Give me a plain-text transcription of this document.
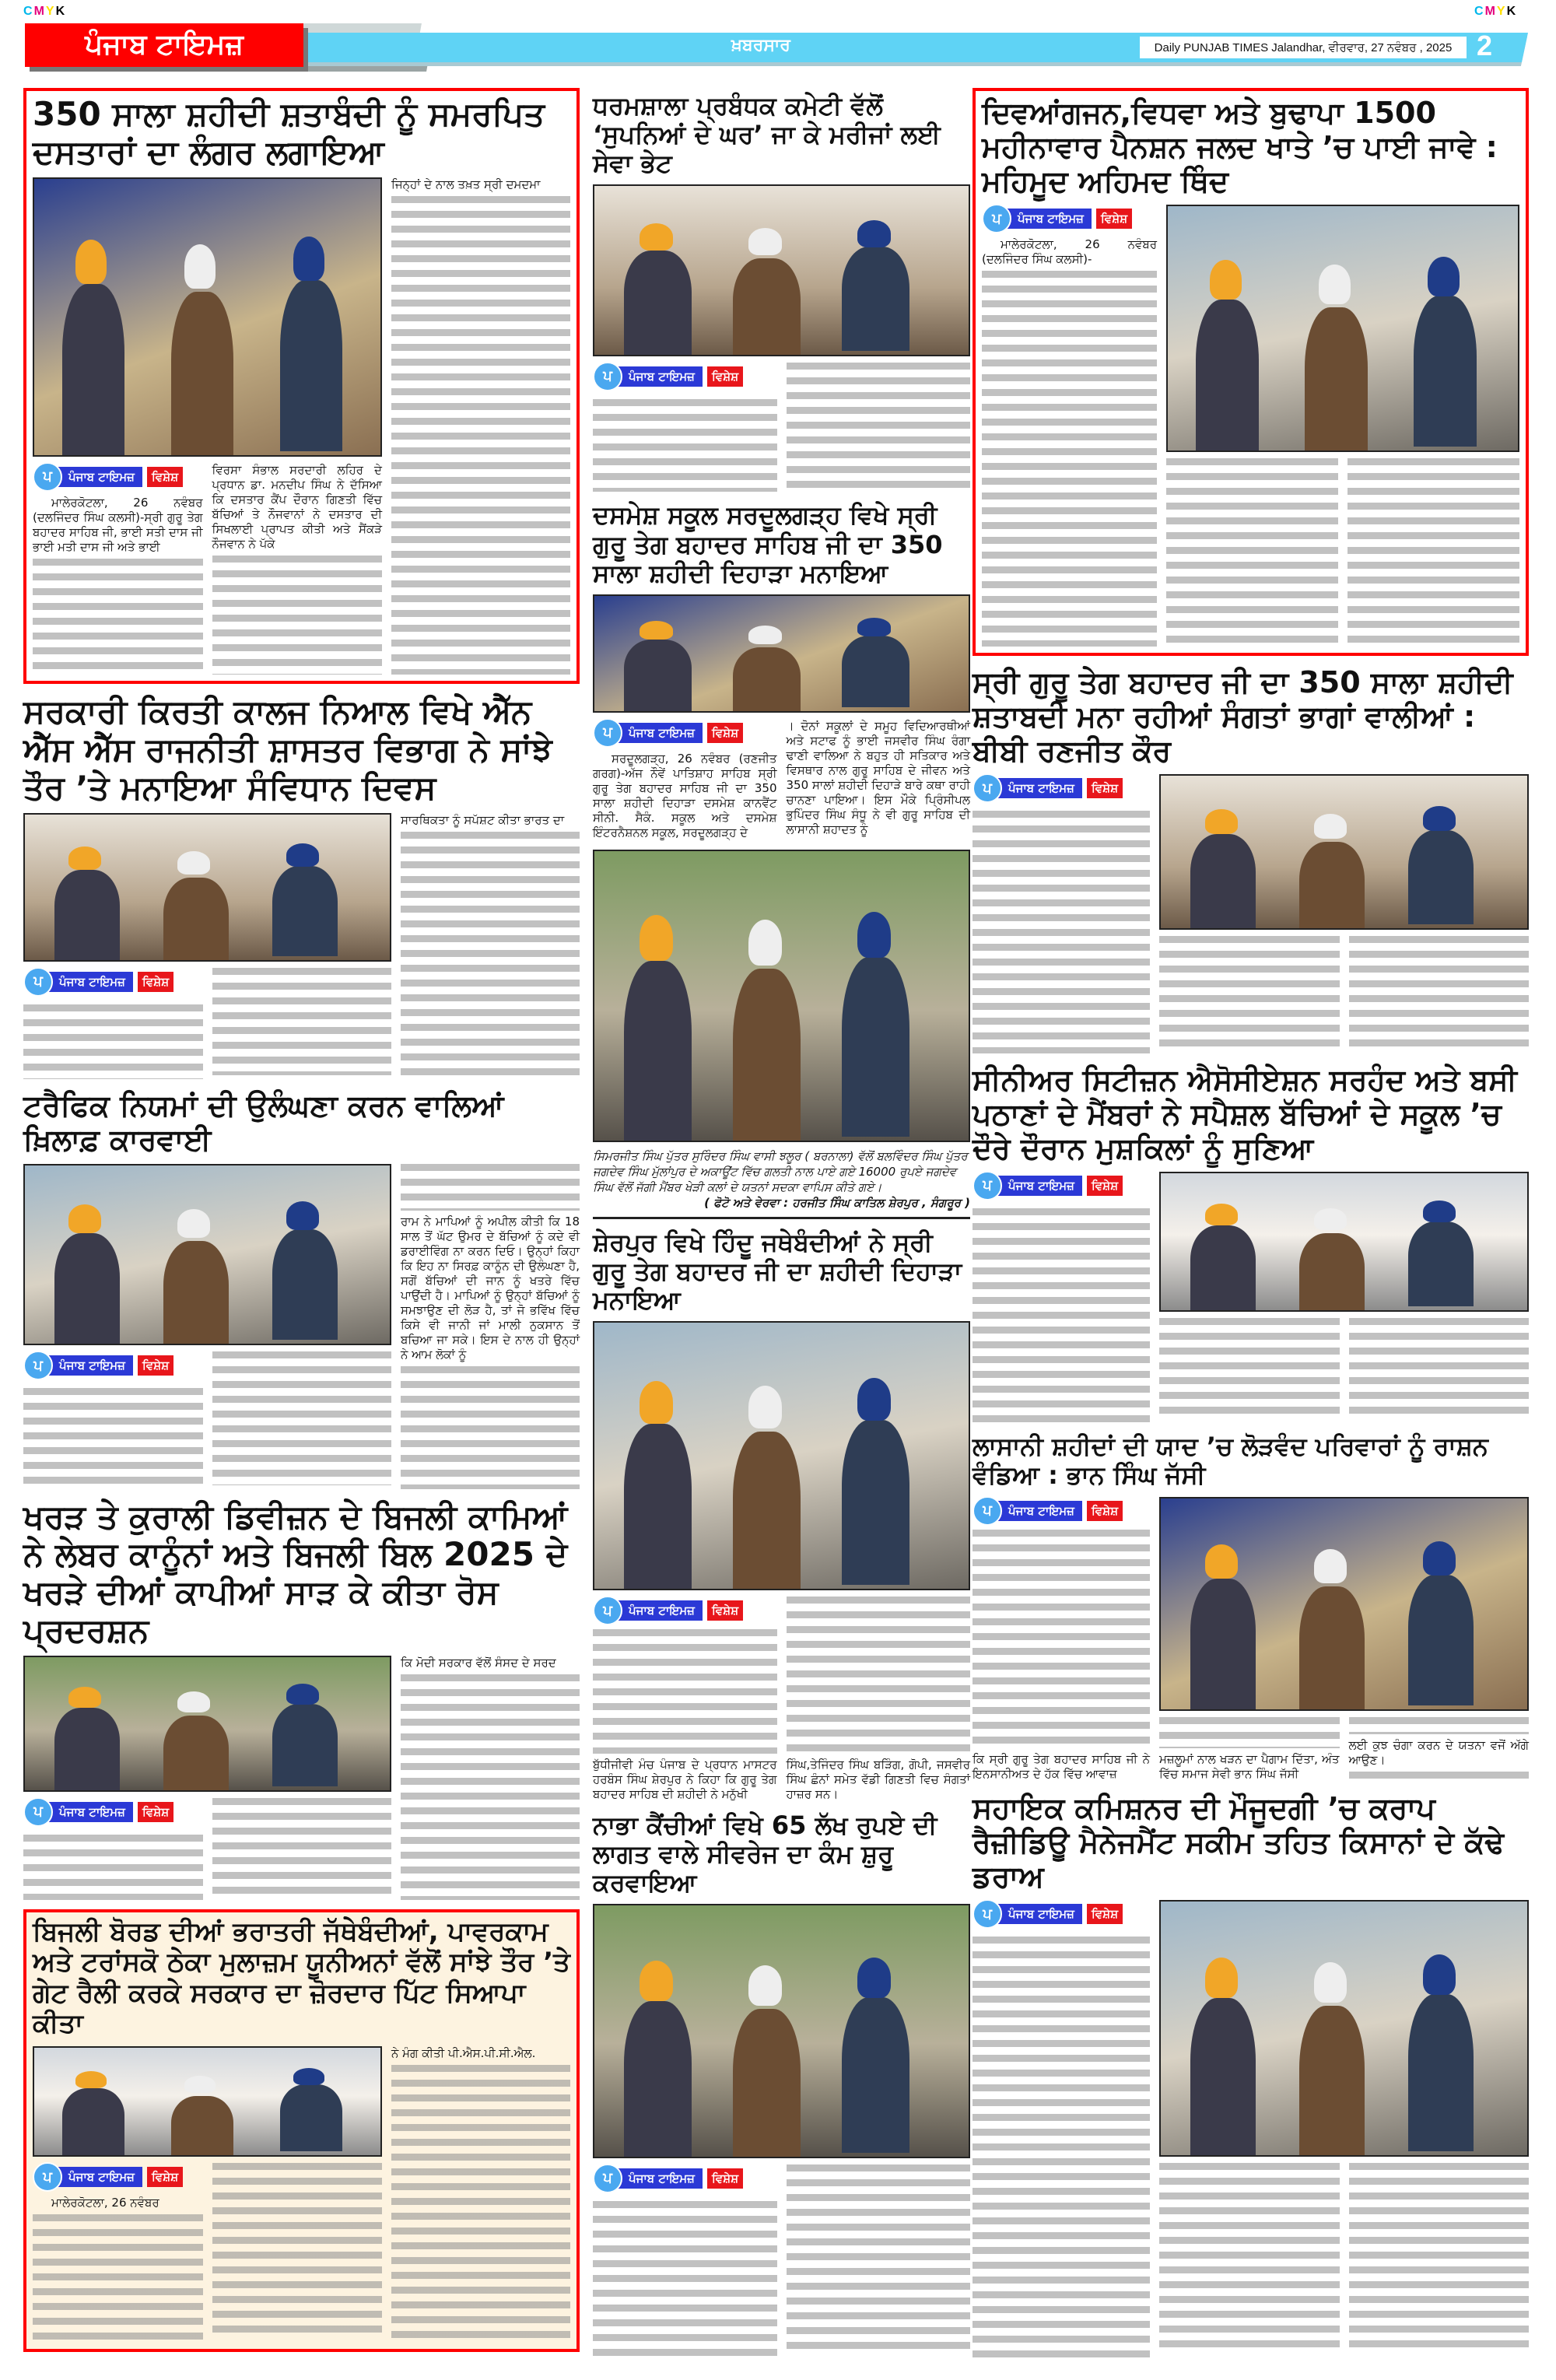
CMYK	CMYK
ਪੰਜਾਬ ਟਾਇਮਜ਼	ਖ਼ਬਰਸਾਰ	Daily PUNJAB TIMES Jalandhar, ਵੀਰਵਾਰ, 27 ਨਵੰਬਰ , 2025 2
350 ਸਾਲਾ ਸ਼ਹੀਦੀ ਸ਼ਤਾਬੰਦੀ ਨੂੰ ਸਮਰਪਿਤ ਦਸਤਾਰਾਂ ਦਾ ਲੰਗਰ ਲਗਾਇਆ
ਪ	ਪੰਜਾਬ ਟਾਇਮਜ਼	ਵਿਸ਼ੇਸ਼

ਮਾਲੇਰਕੋਟਲਾ, 26 ਨਵੰਬਰ (ਦਲਜਿੰਦਰ ਸਿੰਘ ਕਲਸੀ)-ਸ੍ਰੀ ਗੁਰੂ ਤੇਗ ਬਹਾਦਰ ਸਾਹਿਬ ਜੀ, ਭਾਈ ਸਤੀ ਦਾਸ ਜੀ ਭਾਈ ਮਤੀ ਦਾਸ ਜੀ ਅਤੇ ਭਾਈ

ਵਿਰਸਾ ਸੰਭਾਲ ਸਰਦਾਰੀ ਲਹਿਰ ਦੇ ਪ੍ਰਧਾਨ ਡਾ. ਮਨਦੀਪ ਸਿੰਘ ਨੇ ਦੱਸਿਆ ਕਿ ਦਸਤਾਰ ਕੈਂਪ ਦੌਰਾਨ ਗਿਣਤੀ ਵਿੱਚ ਬੱਚਿਆਂ ਤੇ ਨੌਜਵਾਨਾਂ ਨੇ ਦਸਤਾਰ ਦੀ ਸਿਖਲਾਈ ਪ੍ਰਾਪਤ ਕੀਤੀ ਅਤੇ ਸੈਂਕੜੇ ਨੌਜਵਾਨ ਨੇ ਪੱਕੇ

ਜਿਨ੍ਹਾਂ ਦੇ ਨਾਲ ਤਖ਼ਤ ਸ੍ਰੀ ਦਮਦਮਾ

ਸਰਕਾਰੀ ਕਿਰਤੀ ਕਾਲਜ ਨਿਆਲ ਵਿਖੇ ਐੱਨ ਐੱਸ ਐੱਸ ਰਾਜਨੀਤੀ ਸ਼ਾਸਤਰ ਵਿਭਾਗ ਨੇ ਸਾਂਝੇ ਤੌਰ ’ਤੇ ਮਨਾਇਆ ਸੰਵਿਧਾਨ ਦਿਵਸ
ਪ	ਪੰਜਾਬ ਟਾਇਮਜ਼	ਵਿਸ਼ੇਸ਼

ਸਾਰਥਿਕਤਾ ਨੂੰ ਸਪੱਸ਼ਟ ਕੀਤਾ ਭਾਰਤ ਦਾ

ਟਰੈਫਿਕ ਨਿਯਮਾਂ ਦੀ ਉਲੰਘਣਾ ਕਰਨ ਵਾਲਿਆਂ ਖ਼ਿਲਾਫ਼ ਕਾਰਵਾਈ
ਪ	ਪੰਜਾਬ ਟਾਇਮਜ਼	ਵਿਸ਼ੇਸ਼

ਰਾਮ ਨੇ ਮਾਪਿਆਂ ਨੂੰ ਅਪੀਲ ਕੀਤੀ ਕਿ 18 ਸਾਲ ਤੋਂ ਘੱਟ ਉਮਰ ਦੇ ਬੱਚਿਆਂ ਨੂੰ ਕਦੇ ਵੀ ਡਰਾਈਵਿੰਗ ਨਾ ਕਰਨ ਦਿਓ। ਉਨ੍ਹਾਂ ਕਿਹਾ ਕਿ ਇਹ ਨਾ ਸਿਰਫ਼ ਕਾਨੂੰਨ ਦੀ ਉਲੰਘਣਾ ਹੈ, ਸਗੋਂ ਬੱਚਿਆਂ ਦੀ ਜਾਨ ਨੂੰ ਖਤਰੇ ਵਿੱਚ ਪਾਉਂਦੀ ਹੈ। ਮਾਪਿਆਂ ਨੂੰ ਉਨ੍ਹਾਂ ਬੱਚਿਆਂ ਨੂੰ ਸਮਝਾਉਣ ਦੀ ਲੋੜ ਹੈ, ਤਾਂ ਜੋ ਭਵਿੱਖ ਵਿੱਚ ਕਿਸੇ ਵੀ ਜਾਨੀ ਜਾਂ ਮਾਲੀ ਨੁਕਸਾਨ ਤੋਂ ਬਚਿਆ ਜਾ ਸਕੇ। ਇਸ ਦੇ ਨਾਲ ਹੀ ਉਨ੍ਹਾਂ ਨੇ ਆਮ ਲੋਕਾਂ ਨੂੰ

ਖਰੜ ਤੇ ਕੁਰਾਲੀ ਡਿਵੀਜ਼ਨ ਦੇ ਬਿਜਲੀ ਕਾਮਿਆਂ ਨੇ ਲੇਬਰ ਕਾਨੂੰਨਾਂ ਅਤੇ ਬਿਜਲੀ ਬਿਲ 2025 ਦੇ ਖਰੜੇ ਦੀਆਂ ਕਾਪੀਆਂ ਸਾੜ ਕੇ ਕੀਤਾ ਰੋਸ ਪ੍ਰਦਰਸ਼ਨ
ਪ	ਪੰਜਾਬ ਟਾਇਮਜ਼	ਵਿਸ਼ੇਸ਼

ਕਿ ਮੋਦੀ ਸਰਕਾਰ ਵੱਲੋਂ ਸੰਸਦ ਦੇ ਸਰਦ

ਬਿਜਲੀ ਬੋਰਡ ਦੀਆਂ ਭਰਾਤਰੀ ਜੱਥੇਬੰਦੀਆਂ, ਪਾਵਰਕਾਮ ਅਤੇ ਟਰਾਂਸਕੋ ਠੇਕਾ ਮੁਲਾਜ਼ਮ ਯੂਨੀਅਨਾਂ ਵੱਲੋਂ ਸਾਂਝੇ ਤੌਰ ’ਤੇ ਗੇਟ ਰੈਲੀ ਕਰਕੇ ਸਰਕਾਰ ਦਾ ਜ਼ੋਰਦਾਰ ਪਿੱਟ ਸਿਆਪਾ ਕੀਤਾ
ਪ	ਪੰਜਾਬ ਟਾਇਮਜ਼	ਵਿਸ਼ੇਸ਼

ਮਾਲੇਰਕੋਟਲਾ, 26 ਨਵੰਬਰ

ਨੇ ਮੰਗ ਕੀਤੀ ਪੀ.ਐਸ.ਪੀ.ਸੀ.ਐਲ.

ਧਰਮਸ਼ਾਲਾ ਪ੍ਰਬੰਧਕ ਕਮੇਟੀ ਵੱਲੋਂ ‘ਸੁਪਨਿਆਂ ਦੇ ਘਰ’ ਜਾ ਕੇ ਮਰੀਜਾਂ ਲਈ ਸੇਵਾ ਭੇਟ
ਪ	ਪੰਜਾਬ ਟਾਇਮਜ਼	ਵਿਸ਼ੇਸ਼
ਦਸਮੇਸ਼ ਸਕੂਲ ਸਰਦੂਲਗੜ੍ਹ ਵਿਖੇ ਸ੍ਰੀ ਗੁਰੂ ਤੇਗ ਬਹਾਦਰ ਸਾਹਿਬ ਜੀ ਦਾ 350 ਸਾਲਾ ਸ਼ਹੀਦੀ ਦਿਹਾੜਾ ਮਨਾਇਆ
ਪ	ਪੰਜਾਬ ਟਾਇਮਜ਼	ਵਿਸ਼ੇਸ਼

ਸਰਦੂਲਗੜ੍ਹ, 26 ਨਵੰਬਰ (ਰਣਜੀਤ ਗਰਗ)-ਅੱਜ ਨੌਵੇਂ ਪਾਤਿਸ਼ਾਹ ਸਾਹਿਬ ਸ੍ਰੀ ਗੁਰੂ ਤੇਗ ਬਹਾਦਰ ਸਾਹਿਬ ਜੀ ਦਾ 350 ਸਾਲਾ ਸ਼ਹੀਦੀ ਦਿਹਾੜਾ ਦਸਮੇਸ਼ ਕਾਨਵੈਂਟ ਸੀਨੀ. ਸੈਕੰ. ਸਕੂਲ ਅਤੇ ਦਸਮੇਸ਼ ਇੰਟਰਨੈਸ਼ਨਲ ਸਕੂਲ, ਸਰਦੂਲਗੜ੍ਹ ਦੇ

। ਦੋਨਾਂ ਸਕੂਲਾਂ ਦੇ ਸਮੂਹ ਵਿਦਿਆਰਥੀਆਂ ਅਤੇ ਸਟਾਫ ਨੂੰ ਭਾਈ ਜਸਵੀਰ ਸਿੰਘ ਰੰਗਾ ਢਾਣੀ ਵਾਲਿਆ ਨੇ ਬਹੁਤ ਹੀ ਸਤਿਕਾਰ ਅਤੇ ਵਿਸਥਾਰ ਨਾਲ ਗੁਰੂ ਸਾਹਿਬ ਦੇ ਜੀਵਨ ਅਤੇ 350 ਸਾਲਾਂ ਸ਼ਹੀਦੀ ਦਿਹਾੜੇ ਬਾਰੇ ਕਥਾ ਰਾਹੀ ਚਾਨਣਾ ਪਾਇਆ। ਇਸ ਮੌਕੇ ਪ੍ਰਿੰਸੀਪਲ ਭੁਪਿੰਦਰ ਸਿੰਘ ਸੰਧੂ ਨੇ ਵੀ ਗੁਰੂ ਸਾਹਿਬ ਦੀ ਲਾਸਾਨੀ ਸ਼ਹਾਦਤ ਨੂੰ

ਸਿਮਰਜੀਤ ਸਿੰਘ ਪੁੱਤਰ ਸੁਰਿੰਦਰ ਸਿੰਘ ਵਾਸੀ ਝਲੂਰ ( ਬਰਨਾਲਾ) ਵੱਲੋਂ ਬਲਵਿੰਦਰ ਸਿੰਘ ਪੁੱਤਰ ਜਗਦੇਵ ਸਿੰਘ ਮੁੱਲਾਂਪੁਰ ਦੇ ਅਕਾਊਂਟ ਵਿੱਚ ਗਲਤੀ ਨਾਲ ਪਾਏ ਗਏ 16000 ਰੁਪਏ ਜਗਦੇਵ ਸਿੰਘ ਵੱਲੋਂ ਜੱਗੀ ਮੈਂਬਰ ਖੇੜੀ ਕਲਾਂ ਦੇ ਯਤਨਾਂ ਸਦਕਾ ਵਾਪਿਸ ਕੀਤੇ ਗਏ।
( ਫੋਟੋ ਅਤੇ ਵੇਰਵਾ : ਹਰਜੀਤ ਸਿੰਘ ਕਾਤਿਲ ਸ਼ੇਰਪੁਰ , ਸੰਗਰੂਰ )

ਸ਼ੇਰਪੁਰ ਵਿਖੇ ਹਿੰਦੂ ਜਥੇਬੰਦੀਆਂ ਨੇ ਸ੍ਰੀ ਗੁਰੂ ਤੇਗ ਬਹਾਦਰ ਜੀ ਦਾ ਸ਼ਹੀਦੀ ਦਿਹਾੜਾ ਮਨਾਇਆ
ਪ	ਪੰਜਾਬ ਟਾਇਮਜ਼	ਵਿਸ਼ੇਸ਼

ਬੁੱਧੀਜੀਵੀ ਮੰਚ ਪੰਜਾਬ ਦੇ ਪ੍ਰਧਾਨ ਮਾਸਟਰ ਹਰਬੰਸ ਸਿੰਘ ਸ਼ੇਰਪੁਰ ਨੇ ਕਿਹਾ ਕਿ ਗੁਰੂ ਤੇਗ ਬਹਾਦਰ ਸਾਹਿਬ ਦੀ ਸ਼ਹੀਦੀ ਨੇ ਮਨੁੱਖੀ

ਸਿੰਘ,ਤੇਜਿੰਦਰ ਸਿੰਘ ਬੜਿੰਗ, ਗੋਪੀ, ਜਸਵੀਰ ਸਿੰਘ ਛੰਨਾਂ ਸਮੇਤ ਵੱਡੀ ਗਿਣਤੀ ਵਿਚ ਸੰਗਤਾਂ ਹਾਜ਼ਰ ਸਨ।

ਨਾਭਾ ਕੈਂਚੀਆਂ ਵਿਖੇ 65 ਲੱਖ ਰੁਪਏ ਦੀ ਲਾਗਤ ਵਾਲੇ ਸੀਵਰੇਜ ਦਾ ਕੰਮ ਸ਼ੁਰੂ ਕਰਵਾਇਆ
ਪ	ਪੰਜਾਬ ਟਾਇਮਜ਼	ਵਿਸ਼ੇਸ਼
ਦਿਵਆਂਗਜਨ,ਵਿਧਵਾ ਅਤੇ ਬੁਢਾਪਾ 1500 ਮਹੀਨਾਵਾਰ ਪੈਨਸ਼ਨ ਜਲਦ ਖਾਤੇ ’ਚ ਪਾਈ ਜਾਵੇ : ਮਹਿਮੂਦ ਅਹਿਮਦ ਥਿੰਦ
ਪ	ਪੰਜਾਬ ਟਾਇਮਜ਼	ਵਿਸ਼ੇਸ਼

ਮਾਲੇਰਕੋਟਲਾ, 26 ਨਵੰਬਰ (ਦਲਜਿੰਦਰ ਸਿੰਘ ਕਲਸੀ)-

ਸ੍ਰੀ ਗੁਰੂ ਤੇਗ ਬਹਾਦਰ ਜੀ ਦਾ 350 ਸਾਲਾ ਸ਼ਹੀਦੀ ਸ਼ਤਾਬਦੀ ਮਨਾ ਰਹੀਆਂ ਸੰਗਤਾਂ ਭਾਗਾਂ ਵਾਲੀਆਂ : ਬੀਬੀ ਰਣਜੀਤ ਕੌਰ
ਪ	ਪੰਜਾਬ ਟਾਇਮਜ਼	ਵਿਸ਼ੇਸ਼
ਸੀਨੀਅਰ ਸਿਟੀਜ਼ਨ ਐਸੋਸੀਏਸ਼ਨ ਸਰਹੰਦ ਅਤੇ ਬਸੀ ਪਠਾਣਾਂ ਦੇ ਮੈਂਬਰਾਂ ਨੇ ਸਪੈਸ਼ਲ ਬੱਚਿਆਂ ਦੇ ਸਕੂਲ ’ਚ ਦੌਰੇ ਦੌਰਾਨ ਮੁਸ਼ਕਿਲਾਂ ਨੂੰ ਸੁਣਿਆ
ਪ	ਪੰਜਾਬ ਟਾਇਮਜ਼	ਵਿਸ਼ੇਸ਼
ਲਾਸਾਨੀ ਸ਼ਹੀਦਾਂ ਦੀ ਯਾਦ ’ਚ ਲੋੜਵੰਦ ਪਰਿਵਾਰਾਂ ਨੂੰ ਰਾਸ਼ਨ ਵੰਡਿਆ : ਭਾਨ ਸਿੰਘ ਜੱਸੀ
ਪ	ਪੰਜਾਬ ਟਾਇਮਜ਼	ਵਿਸ਼ੇਸ਼

ਕਿ ਸ੍ਰੀ ਗੁਰੂ ਤੇਗ ਬਹਾਦਰ ਸਾਹਿਬ ਜੀ ਨੇ ਇਨਸਾਨੀਅਤ ਦੇ ਹੱਕ ਵਿੱਚ ਆਵਾਜ਼

ਮਜ਼ਲੂਮਾਂ ਨਾਲ ਖੜਨ ਦਾ ਪੈਗਾਮ ਦਿੱਤਾ, ਅੰਤ ਵਿੱਚ ਸਮਾਜ ਸੇਵੀ ਭਾਨ ਸਿੰਘ ਜੱਸੀ

ਲਈ ਕੁਝ ਚੰਗਾ ਕਰਨ ਦੇ ਯਤਨਾ ਵਜੋਂ ਅੱਗੇ ਆਉਣ।

ਸਹਾਇਕ ਕਮਿਸ਼ਨਰ ਦੀ ਮੌਜੂਦਗੀ ’ਚ ਕਰਾਪ ਰੈਜ਼ੀਡਿਊ ਮੈਨੇਜਮੈਂਟ ਸਕੀਮ ਤਹਿਤ ਕਿਸਾਨਾਂ ਦੇ ਕੱਢੇ ਡਰਾਅ
ਪ	ਪੰਜਾਬ ਟਾਇਮਜ਼	ਵਿਸ਼ੇਸ਼
